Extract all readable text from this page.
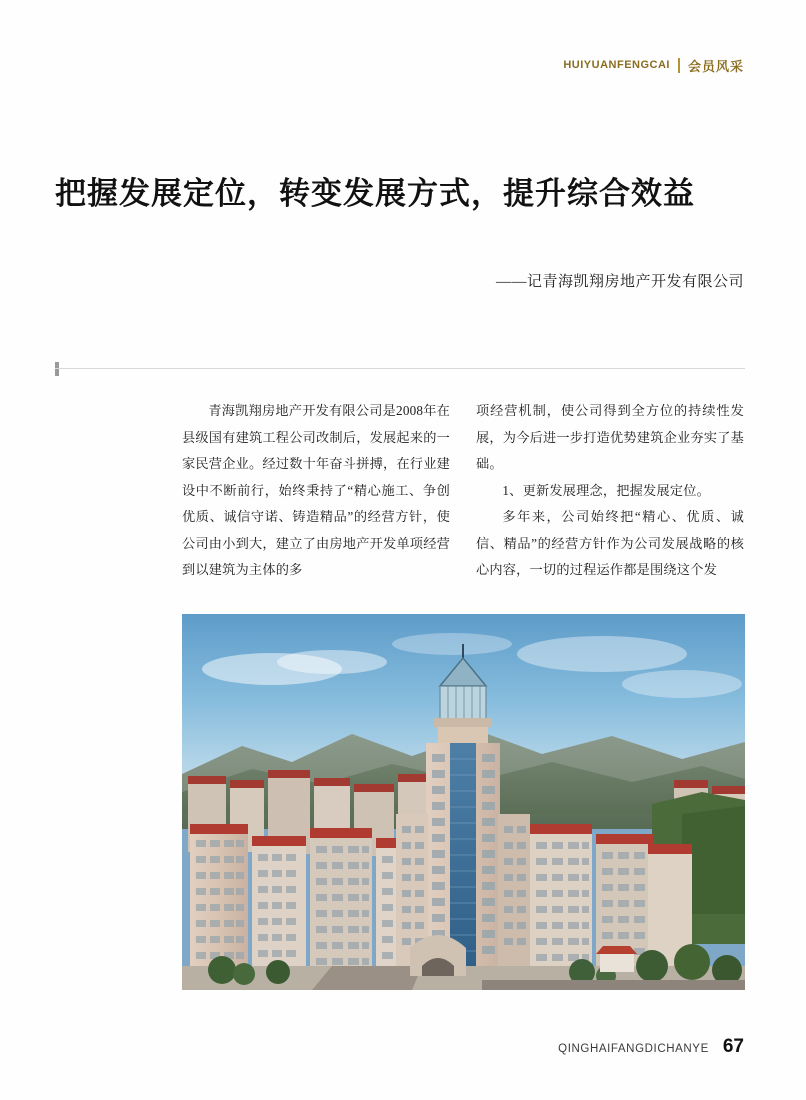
HUIYUANFENGCAI	会员风采
把握发展定位，转变发展方式，提升综合效益
——记青海凯翔房地产开发有限公司

青海凯翔房地产开发有限公司是2008年在县级国有建筑工程公司改制后，发展起来的一家民营企业。经过数十年奋斗拼搏，在行业建设中不断前行，始终秉持了“精心施工、争创优质、诚信守诺、铸造精品”的经营方针，使公司由小到大，建立了由房地产开发单项经营到以建筑为主体的多

项经营机制，使公司得到全方位的持续性发展，为今后进一步打造优势建筑企业夯实了基础。

1、更新发展理念，把握发展定位。

多年来，公司始终把“精心、优质、诚信、精品”的经营方针作为公司发展战略的核心内容，一切的过程运作都是围绕这个发

QINGHAIFANGDICHANYE 67
